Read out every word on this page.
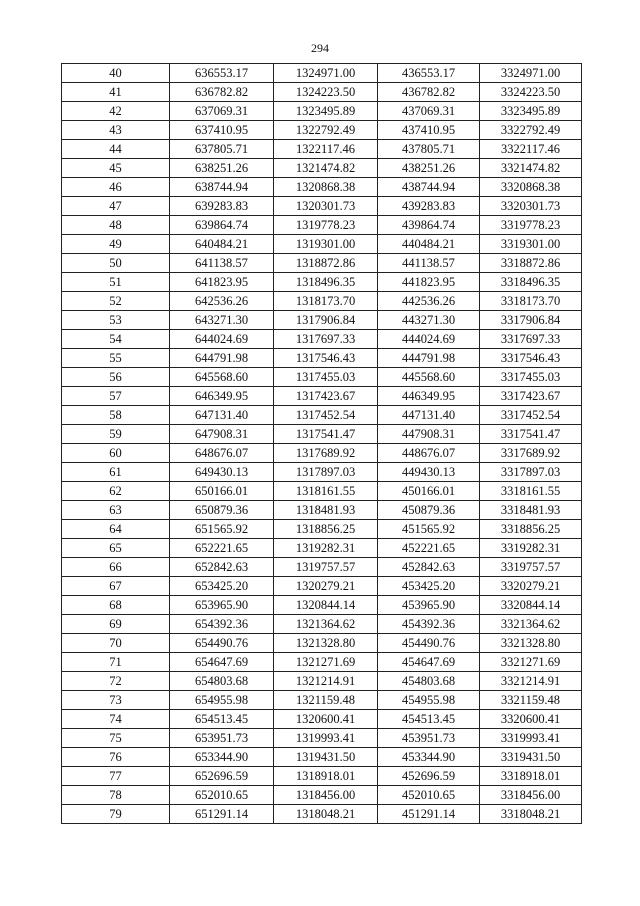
294
40	636553.17	1324971.00	436553.17	3324971.00
41	636782.82	1324223.50	436782.82	3324223.50
42	637069.31	1323495.89	437069.31	3323495.89
43	637410.95	1322792.49	437410.95	3322792.49
44	637805.71	1322117.46	437805.71	3322117.46
45	638251.26	1321474.82	438251.26	3321474.82
46	638744.94	1320868.38	438744.94	3320868.38
47	639283.83	1320301.73	439283.83	3320301.73
48	639864.74	1319778.23	439864.74	3319778.23
49	640484.21	1319301.00	440484.21	3319301.00
50	641138.57	1318872.86	441138.57	3318872.86
51	641823.95	1318496.35	441823.95	3318496.35
52	642536.26	1318173.70	442536.26	3318173.70
53	643271.30	1317906.84	443271.30	3317906.84
54	644024.69	1317697.33	444024.69	3317697.33
55	644791.98	1317546.43	444791.98	3317546.43
56	645568.60	1317455.03	445568.60	3317455.03
57	646349.95	1317423.67	446349.95	3317423.67
58	647131.40	1317452.54	447131.40	3317452.54
59	647908.31	1317541.47	447908.31	3317541.47
60	648676.07	1317689.92	448676.07	3317689.92
61	649430.13	1317897.03	449430.13	3317897.03
62	650166.01	1318161.55	450166.01	3318161.55
63	650879.36	1318481.93	450879.36	3318481.93
64	651565.92	1318856.25	451565.92	3318856.25
65	652221.65	1319282.31	452221.65	3319282.31
66	652842.63	1319757.57	452842.63	3319757.57
67	653425.20	1320279.21	453425.20	3320279.21
68	653965.90	1320844.14	453965.90	3320844.14
69	654392.36	1321364.62	454392.36	3321364.62
70	654490.76	1321328.80	454490.76	3321328.80
71	654647.69	1321271.69	454647.69	3321271.69
72	654803.68	1321214.91	454803.68	3321214.91
73	654955.98	1321159.48	454955.98	3321159.48
74	654513.45	1320600.41	454513.45	3320600.41
75	653951.73	1319993.41	453951.73	3319993.41
76	653344.90	1319431.50	453344.90	3319431.50
77	652696.59	1318918.01	452696.59	3318918.01
78	652010.65	1318456.00	452010.65	3318456.00
79	651291.14	1318048.21	451291.14	3318048.21
